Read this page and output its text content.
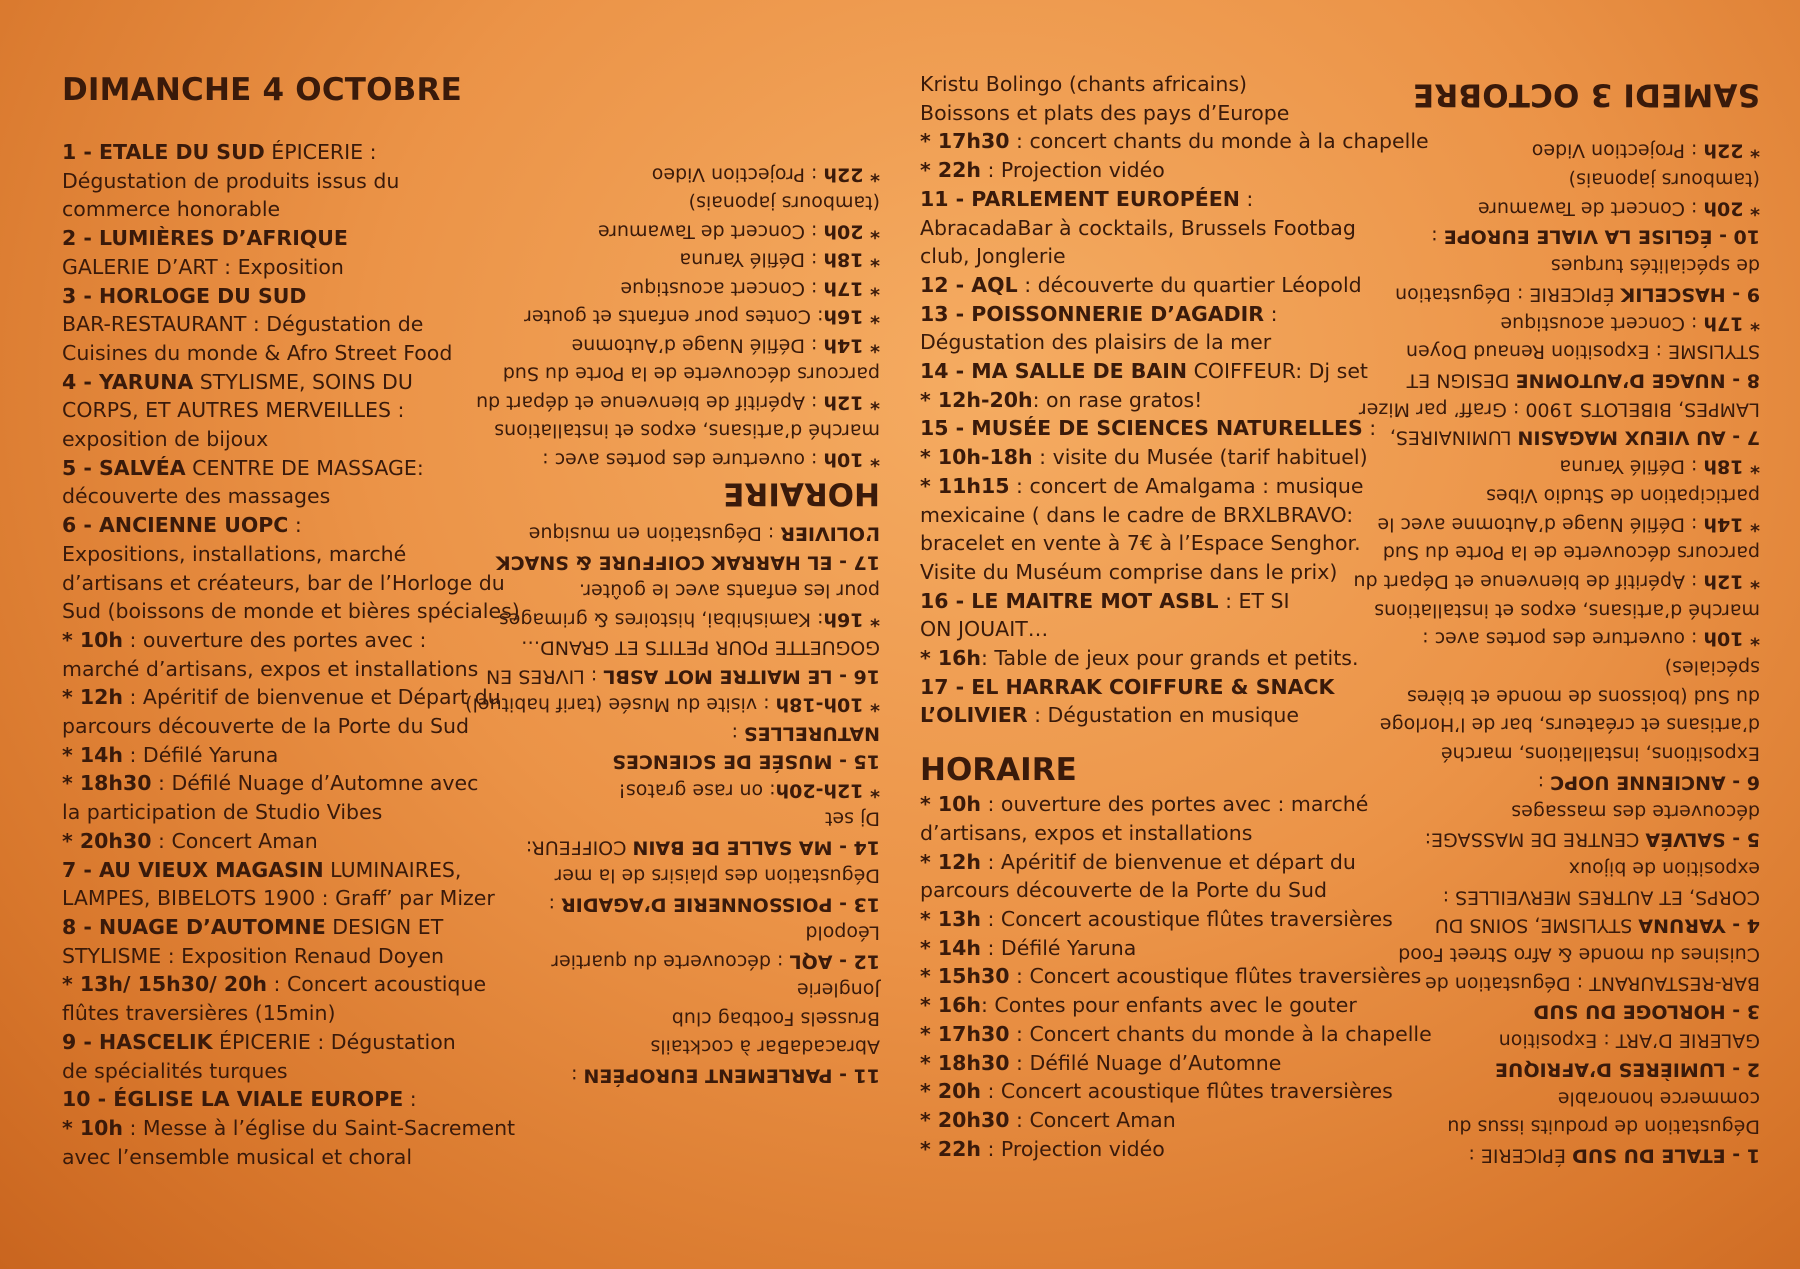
DIMANCHE 4 OCTOBRE
1 - ETALE DU SUD ÉPICERIE :
Dégustation de produits issus du
commerce honorable
2 - LUMIÈRES D’AFRIQUE
GALERIE D’ART : Exposition
3 - HORLOGE DU SUD
BAR-RESTAURANT : Dégustation de
Cuisines du monde & Afro Street Food
4 - YARUNA STYLISME, SOINS DU
CORPS, ET AUTRES MERVEILLES :
exposition de bijoux
5 - SALVÉA CENTRE DE MASSAGE:
découverte des massages
6 - ANCIENNE UOPC :
Expositions, installations, marché
d’artisans et créateurs, bar de l’Horloge du
Sud (boissons de monde et bières spéciales)
* 10h : ouverture des portes avec :
marché d’artisans, expos et installations
* 12h : Apéritif de bienvenue et Départ du
parcours découverte de la Porte du Sud
* 14h : Défilé Yaruna
* 18h30 : Défilé Nuage d’Automne avec
la participation de Studio Vibes
* 20h30 : Concert Aman
7 - AU VIEUX MAGASIN LUMINAIRES,
LAMPES, BIBELOTS 1900 : Graff’ par Mizer
8 - NUAGE D’AUTOMNE DESIGN ET
STYLISME : Exposition Renaud Doyen
* 13h/ 15h30/ 20h : Concert acoustique
flûtes traversières (15min)
9 - HASCELIK ÉPICERIE : Dégustation
de spécialités turques
10 - ÉGLISE LA VIALE EUROPE :
* 10h : Messe à l’église du Saint-Sacrement
avec l’ensemble musical et choral
11 - PARLEMENT EUROPÉEN :
AbracadaBar à cocktails
Brussels Footbag club
Jonglerie
12 - AQL : découverte du quartier
Léopold
13 - POISSONNERIE D’AGADIR :
Dégustation des plaisirs de la mer
14 - MA SALLE DE BAIN COIFFEUR:
Dj set
* 12h-20h: on rase gratos!
15 - MUSÉE DE SCIENCES
NATURELLES :
* 10h-18h : visite du Musée (tarif habituel)
16 - LE MAITRE MOT ASBL : LIVRES EN
GOGUETTE POUR PETITS ET GRAND…
* 16h: Kamishibai, histoires & grimages
pour les enfants avec le goûter.
17 - EL HARRAK COIFFURE & SNACK
L’OLIVIER : Dégustation en musique
HORAIRE
* 10h : ouverture des portes avec :
marché d’artisans, expos et installations
* 12h : Apéritif de bienvenue et départ du
parcours découverte de la Porte du Sud
* 14h : Défilé Nuage d’Automne
* 16h: Contes pour enfants et gouter
* 17h : Concert acoustique
* 18h : Défilé Yaruna
* 20h : Concert de Tawamure
(tambours japonais)
* 22h : Projection Video
Kristu Bolingo (chants africains)
Boissons et plats des pays d’Europe
* 17h30 : concert chants du monde à la chapelle
* 22h : Projection vidéo
11 - PARLEMENT EUROPÉEN :
AbracadaBar à cocktails, Brussels Footbag
club, Jonglerie
12 - AQL : découverte du quartier Léopold
13 - POISSONNERIE D’AGADIR :
Dégustation des plaisirs de la mer
14 - MA SALLE DE BAIN COIFFEUR: Dj set
* 12h-20h: on rase gratos!
15 - MUSÉE DE SCIENCES NATURELLES :
* 10h-18h : visite du Musée (tarif habituel)
* 11h15 : concert de Amalgama : musique
mexicaine ( dans le cadre de BRXLBRAVO:
bracelet en vente à 7€ à l’Espace Senghor.
Visite du Muséum comprise dans le prix)
16 - LE MAITRE MOT ASBL : ET SI
ON JOUAIT…
* 16h: Table de jeux pour grands et petits.
17 - EL HARRAK COIFFURE & SNACK
L’OLIVIER : Dégustation en musique
HORAIRE
* 10h : ouverture des portes avec : marché
d’artisans, expos et installations
* 12h : Apéritif de bienvenue et départ du
parcours découverte de la Porte du Sud
* 13h : Concert acoustique flûtes traversières
* 14h : Défilé Yaruna
* 15h30 : Concert acoustique flûtes traversières
* 16h: Contes pour enfants avec le gouter
* 17h30 : Concert chants du monde à la chapelle
* 18h30 : Défilé Nuage d’Automne
* 20h : Concert acoustique flûtes traversières
* 20h30 : Concert Aman
* 22h : Projection vidéo	1 - ETALE DU SUD ÉPICERIE :
Dégustation de produits issus du
commerce honorable
2 - LUMIÈRES D’AFRIQUE
GALERIE D’ART : Exposition
3 - HORLOGE DU SUD
BAR-RESTAURANT : Dégustation de
Cuisines du monde & Afro Street Food
4 - YARUNA STYLISME, SOINS DU
CORPS, ET AUTRES MERVEILLES :
exposition de bijoux
5 - SALVÉA CENTRE DE MASSAGE:
découverte des massages
6 - ANCIENNE UOPC :
Expositions, installations, marché
d’artisans et créateurs, bar de l’Horloge
du Sud (boissons de monde et bières
spéciales)
* 10h : ouverture des portes avec :
marché d’artisans, expos et installations
* 12h : Apéritif de bienvenue et Départ du
parcours découverte de la Porte du Sud
* 14h : Défilé Nuage d’Automne avec le
participation de Studio Vibes
* 18h : Défilé Yaruna
7 - AU VIEUX MAGASIN LUMINAIRES,
LAMPES, BIBELOTS 1900 : Graff’ par Mizer
8 - NUAGE D’AUTOMNE DESIGN ET
STYLISME : Exposition Renaud Doyen
* 17h : Concert acoustique
9 - HASCELIK ÉPICERIE : Dégustation
de spécialités turques
10 - ÉGLISE LA VIALE EUROPE :
* 20h : Concert de Tawamure
(tambours japonais)
* 22h : Projection Video
SAMEDI 3 OCTOBRE
